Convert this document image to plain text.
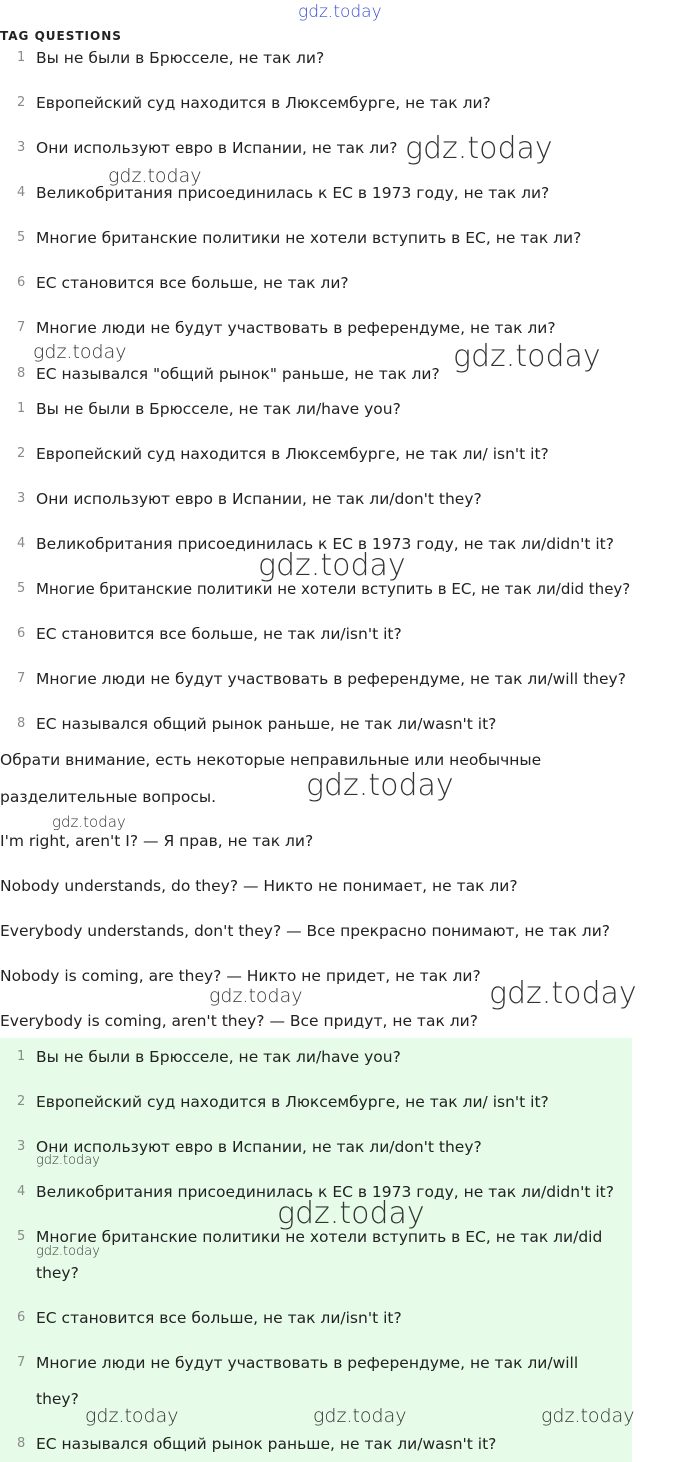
TAG QUESTIONS
1 Вы не были в Брюсселе, не так ли?
2 Европейский суд находится в Люксембурге, не так ли?
3 Они используют евро в Испании, не так ли?
4 Великобритания присоединилась к ЕС в 1973 году, не так ли?
5 Многие британские политики не хотели вступить в ЕС, не так ли?
6 ЕС становится все больше, не так ли?
7 Многие люди не будут участвовать в референдуме, не так ли?
8 ЕС назывался "общий рынок" раньше, не так ли?
1 Вы не были в Брюсселе, не так ли/have you?
2 Европейский суд находится в Люксембурге, не так ли/ isn't it?
3 Они используют евро в Испании, не так ли/don't they?
4 Великобритания присоединилась к ЕС в 1973 году, не так ли/didn't it?
5 Многие британские политики не хотели вступить в ЕС, не так ли/did they?
6 ЕС становится все больше, не так ли/isn't it?
7 Многие люди не будут участвовать в референдуме, не так ли/will they?
8 ЕС назывался общий рынок раньше, не так ли/wasn't it?
Обрати внимание, есть некоторые неправильные или необычные
разделительные вопросы.
I'm right, aren't I? — Я прав, не так ли?
Nobody understands, do they? — Никто не понимает, не так ли?
Everybody understands, don't they? — Все прекрасно понимают, не так ли?
Nobody is coming, are they? — Никто не придет, не так ли?
Everybody is coming, aren't they? — Все придут, не так ли?
1 Вы не были в Брюсселе, не так ли/have you?
2 Европейский суд находится в Люксембурге, не так ли/ isn't it?
3 Они используют евро в Испании, не так ли/don't they?
4 Великобритания присоединилась к ЕС в 1973 году, не так ли/didn't it?
5 Многие британские политики не хотели вступить в ЕС, не так ли/did
they?
6 ЕС становится все больше, не так ли/isn't it?
7 Многие люди не будут участвовать в референдуме, не так ли/will
they?
8 ЕС назывался общий рынок раньше, не так ли/wasn't it?
gdz.today
gdz.today
gdz.today
gdz.today	gdz.today
gdz.today
gdz.today
gdz.today
gdz.today	gdz.today
gdz.today
gdz.today
gdz.today
gdz.today	gdz.today	gdz.today
